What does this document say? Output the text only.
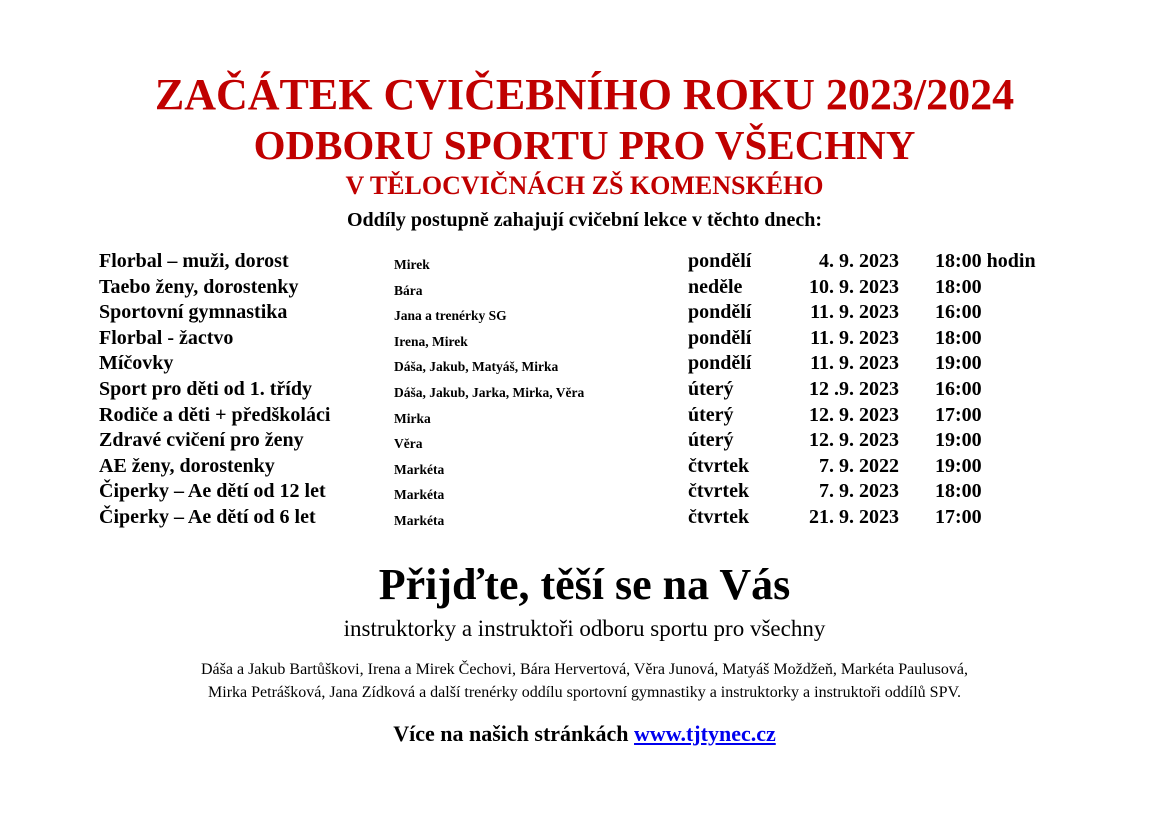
ZAČÁTEK CVIČEBNÍHO ROKU 2023/2024
ODBORU SPORTU PRO VŠECHNY
V TĚLOCVIČNÁCH ZŠ KOMENSKÉHO
Oddíly postupně zahajují cvičební lekce v těchto dnech:
Florbal – muži, dorost	Mirek	pondělí	4. 9. 2023 18:00 hodin
Taebo ženy, dorostenky	Bára	neděle	10. 9. 2023 18:00
Sportovní gymnastika	Jana a trenérky SG	pondělí	11. 9. 2023 16:00
Florbal - žactvo	Irena, Mirek	pondělí	11. 9. 2023 18:00
Míčovky	Dáša, Jakub, Matyáš, Mirka	pondělí	11. 9. 2023 19:00
Sport pro děti od 1. třídy	Dáša, Jakub, Jarka, Mirka, Věra	úterý	12 .9. 2023 16:00
Rodiče a děti + předškoláci	Mirka	úterý	12. 9. 2023 17:00
Zdravé cvičení pro ženy	Věra	úterý	12. 9. 2023 19:00
AE ženy, dorostenky	Markéta	čtvrtek	7. 9. 2022 19:00
Čiperky – Ae dětí od 12 let	Markéta	čtvrtek	7. 9. 2023 18:00
Čiperky – Ae dětí od 6 let	Markéta	čtvrtek	21. 9. 2023 17:00
Přijďte, těší se na Vás
instruktorky a instruktoři odboru sportu pro všechny
Dáša a Jakub Bartůškovi, Irena a Mirek Čechovi, Bára Hervertová, Věra Junová, Matyáš Moždžeň, Markéta Paulusová,
Mirka Petrášková, Jana Zídková a další trenérky oddílu sportovní gymnastiky a instruktorky a instruktoři oddílů SPV.
Více na našich stránkách www.tjtynec.cz
